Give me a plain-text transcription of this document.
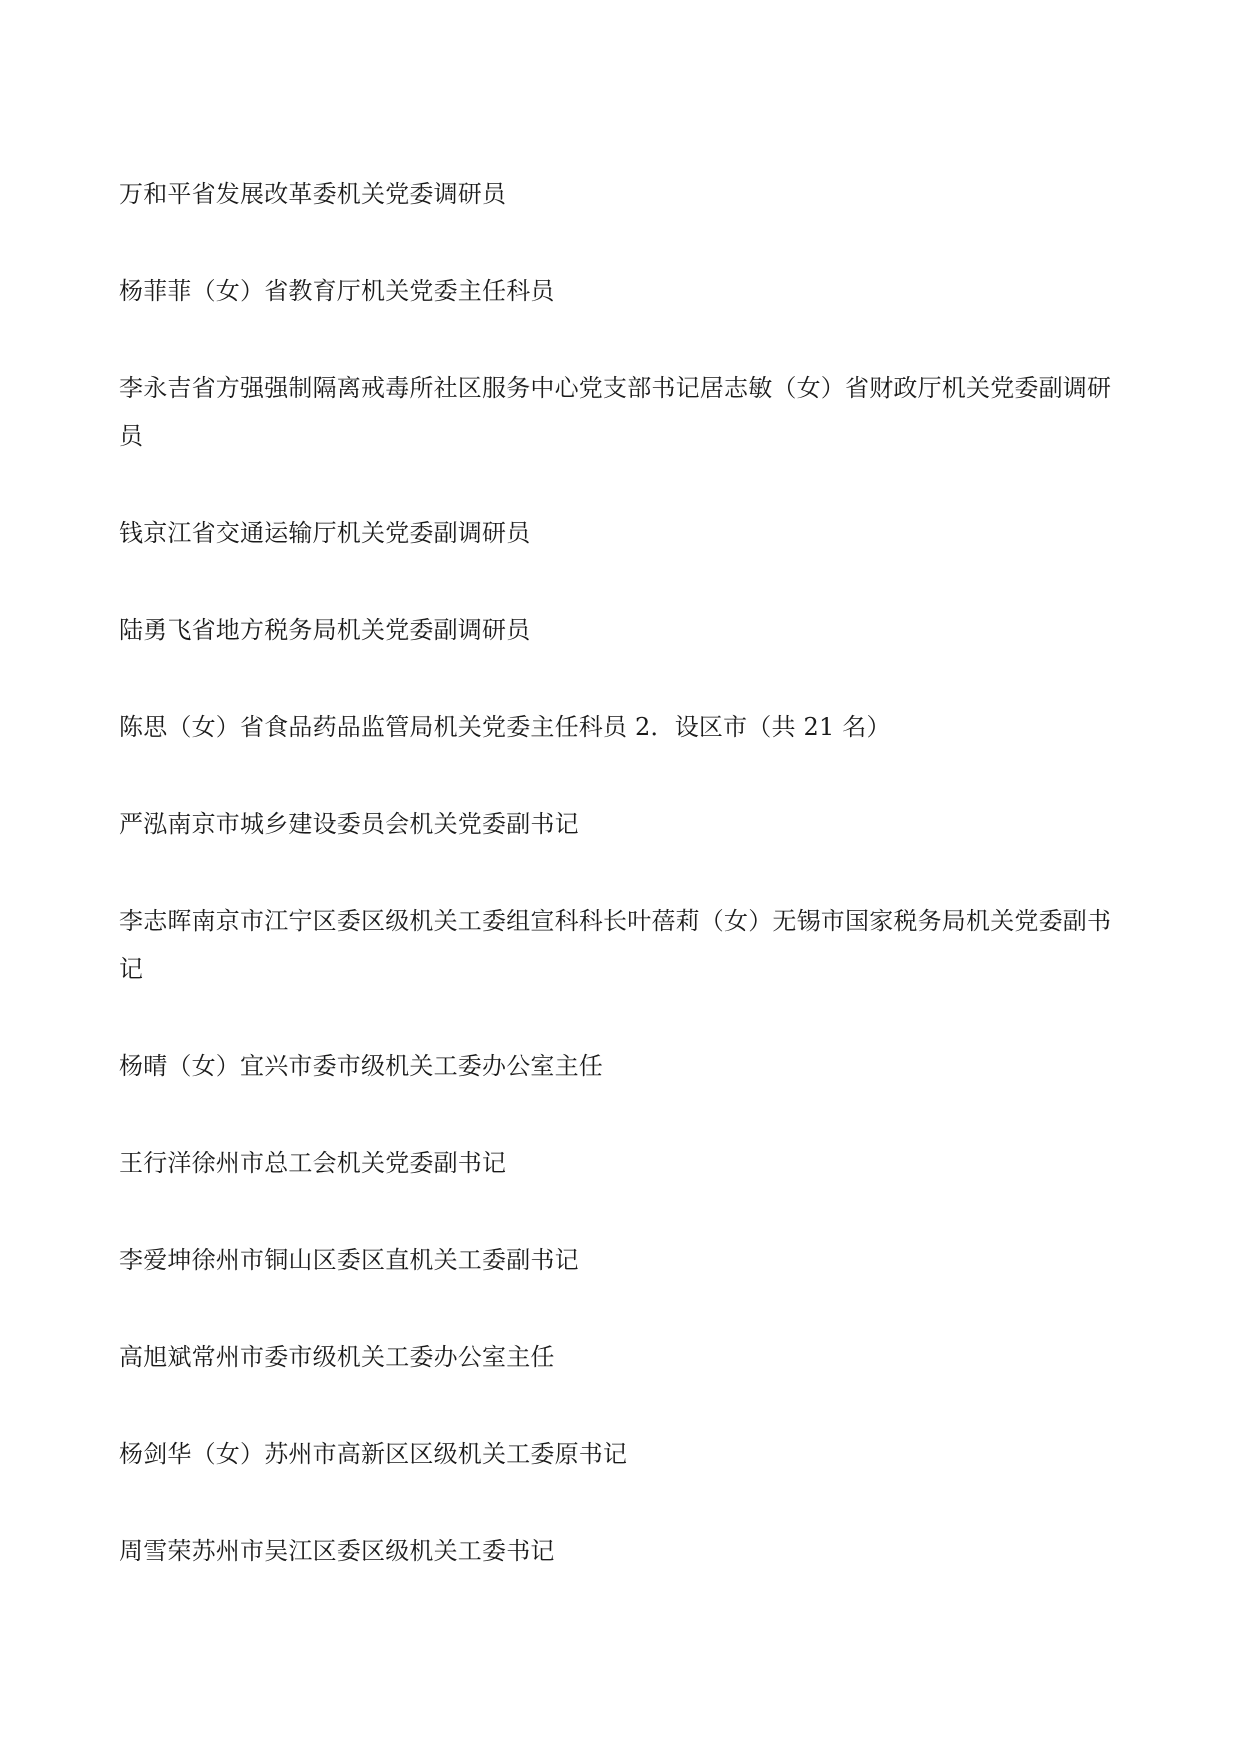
万和平省发展改革委机关党委调研员

杨菲菲（女）省教育厅机关党委主任科员

李永吉省方强强制隔离戒毒所社区服务中心党支部书记居志敏（女）省财政厅机关党委副调研员

钱京江省交通运输厅机关党委副调研员

陆勇飞省地方税务局机关党委副调研员

陈思（女）省食品药品监管局机关党委主任科员 2．设区市（共 21 名）

严泓南京市城乡建设委员会机关党委副书记

李志晖南京市江宁区委区级机关工委组宣科科长叶蓓莉（女）无锡市国家税务局机关党委副书记

杨晴（女）宜兴市委市级机关工委办公室主任

王行洋徐州市总工会机关党委副书记

李爱坤徐州市铜山区委区直机关工委副书记

高旭斌常州市委市级机关工委办公室主任

杨剑华（女）苏州市高新区区级机关工委原书记

周雪荣苏州市吴江区委区级机关工委书记
